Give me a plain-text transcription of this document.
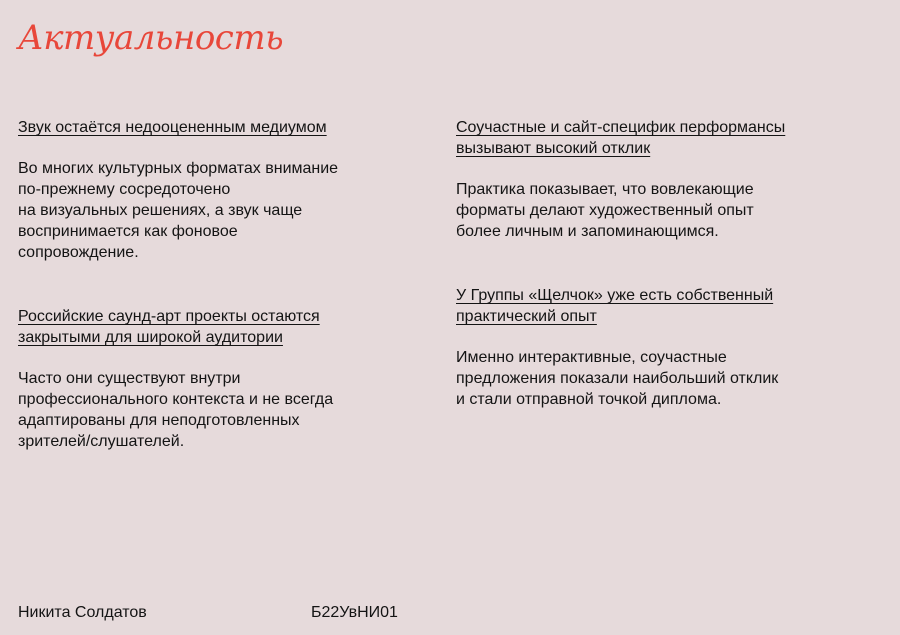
Актуальность
Звук остаётся недооцененным медиумом

Во многих культурных форматах внимание
по-прежнему сосредоточено
на визуальных решениях, а звук чаще
воспринимается как фоновое
сопровождение.

Российские саунд-арт проекты остаются
закрытыми для широкой аудитории

Часто они существуют внутри
профессионального контекста и не всегда
адаптированы для неподготовленных
зрителей/слушателей.

Соучастные и сайт-специфик перформансы
вызывают высокий отклик

Практика показывает, что вовлекающие
форматы делают художественный опыт
более личным и запоминающимся.

У Группы «Щелчок» уже есть собственный
практический опыт

Именно интерактивные, соучастные
предложения показали наибольший отклик
и стали отправной точкой диплома.

Никита Солдатов	Б22УвНИ01
